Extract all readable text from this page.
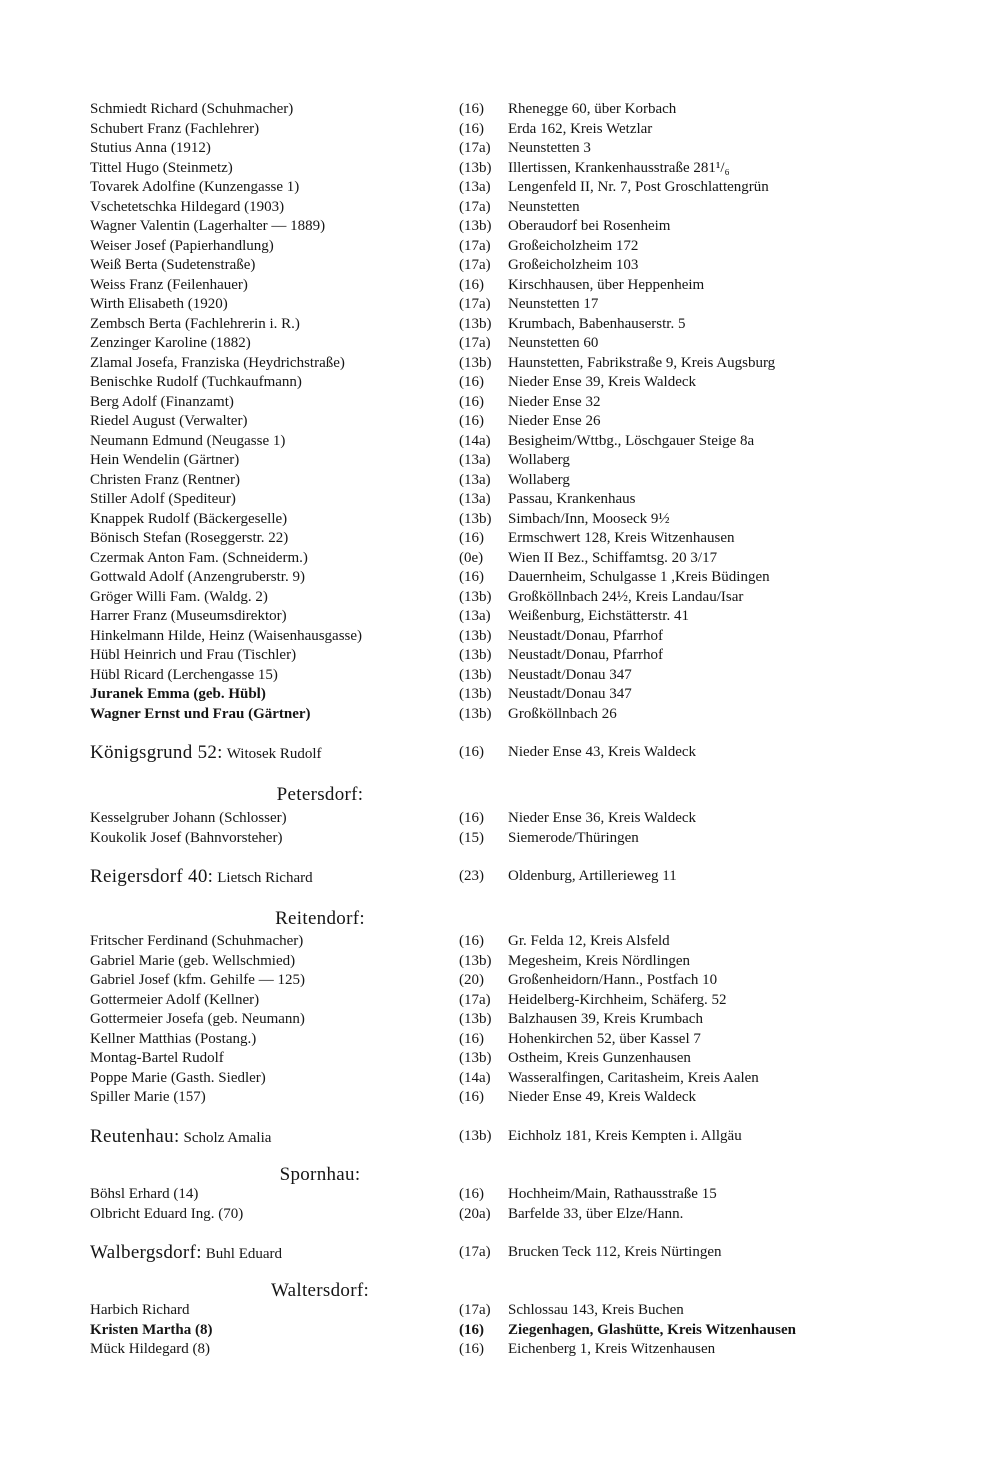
Schmiedt Richard (Schuhmacher)	(16) Rhenegge 60, über Korbach
Schubert Franz (Fachlehrer)	(16) Erda 162, Kreis Wetzlar
Stutius Anna (1912)	(17a) Neunstetten 3
Tittel Hugo (Steinmetz)	(13b) Illertissen, Krankenhausstraße 281¹/₆
Tovarek Adolfine (Kunzengasse 1)	(13a) Lengenfeld II, Nr. 7, Post Groschlattengrün
Vschetetschka Hildegard (1903)	(17a) Neunstetten
Wagner Valentin (Lagerhalter — 1889)	(13b) Oberaudorf bei Rosenheim
Weiser Josef (Papierhandlung)	(17a) Großeicholzheim 172
Weiß Berta (Sudetenstraße)	(17a) Großeicholzheim 103
Weiss Franz (Feilenhauer)	(16) Kirschhausen, über Heppenheim
Wirth Elisabeth (1920)	(17a) Neunstetten 17
Zembsch Berta (Fachlehrerin i. R.)	(13b) Krumbach, Babenhauserstr. 5
Zenzinger Karoline (1882)	(17a) Neunstetten 60
Zlamal Josefa, Franziska (Heydrichstraße)	(13b) Haunstetten, Fabrikstraße 9, Kreis Augsburg
Benischke Rudolf (Tuchkaufmann)	(16) Nieder Ense 39, Kreis Waldeck
Berg Adolf (Finanzamt)	(16) Nieder Ense 32
Riedel August (Verwalter)	(16) Nieder Ense 26
Neumann Edmund (Neugasse 1)	(14a) Besigheim/Wttbg., Löschgauer Steige 8a
Hein Wendelin (Gärtner)	(13a) Wollaberg
Christen Franz (Rentner)	(13a) Wollaberg
Stiller Adolf (Spediteur)	(13a) Passau, Krankenhaus
Knappek Rudolf (Bäckergeselle)	(13b) Simbach/Inn, Mooseck 9½
Bönisch Stefan (Roseggerstr. 22)	(16) Ermschwert 128, Kreis Witzenhausen
Czermak Anton Fam. (Schneiderm.)	(0e) Wien II Bez., Schiffamtsg. 20 3/17
Gottwald Adolf (Anzengruberstr. 9)	(16) Dauernheim, Schulgasse 1 ,Kreis Büdingen
Gröger Willi Fam. (Waldg. 2)	(13b) Großköllnbach 24½, Kreis Landau/Isar
Harrer Franz (Museumsdirektor)	(13a) Weißenburg, Eichstätterstr. 41
Hinkelmann Hilde, Heinz (Waisenhausgasse)	(13b) Neustadt/Donau, Pfarrhof
Hübl Heinrich und Frau (Tischler)	(13b) Neustadt/Donau, Pfarrhof
Hübl Ricard (Lerchengasse 15)	(13b) Neustadt/Donau 347
Juranek Emma (geb. Hübl)	(13b) Neustadt/Donau 347
Wagner Ernst und Frau (Gärtner)	(13b) Großköllnbach 26
Königsgrund 52: Witosek Rudolf	(16) Nieder Ense 43, Kreis Waldeck
Petersdorf:
Kesselgruber Johann (Schlosser)	(16) Nieder Ense 36, Kreis Waldeck
Koukolik Josef (Bahnvorsteher)	(15) Siemerode/Thüringen
Reigersdorf 40: Lietsch Richard	(23) Oldenburg, Artillerieweg 11
Reitendorf:
Fritscher Ferdinand (Schuhmacher)	(16) Gr. Felda 12, Kreis Alsfeld
Gabriel Marie (geb. Wellschmied)	(13b) Megesheim, Kreis Nördlingen
Gabriel Josef (kfm. Gehilfe — 125)	(20) Großenheidorn/Hann., Postfach 10
Gottermeier Adolf (Kellner)	(17a) Heidelberg-Kirchheim, Schäferg. 52
Gottermeier Josefa (geb. Neumann)	(13b) Balzhausen 39, Kreis Krumbach
Kellner Matthias (Postang.)	(16) Hohenkirchen 52, über Kassel 7
Montag-Bartel Rudolf	(13b) Ostheim, Kreis Gunzenhausen
Poppe Marie (Gasth. Siedler)	(14a) Wasseralfingen, Caritasheim, Kreis Aalen
Spiller Marie (157)	(16) Nieder Ense 49, Kreis Waldeck
Reutenhau: Scholz Amalia	(13b) Eichholz 181, Kreis Kempten i. Allgäu
Spornhau:
Böhsl Erhard (14)	(16) Hochheim/Main, Rathausstraße 15
Olbricht Eduard Ing. (70)	(20a) Barfelde 33, über Elze/Hann.
Walbergsdorf: Buhl Eduard	(17a) Brucken Teck 112, Kreis Nürtingen
Waltersdorf:
Harbich Richard	(17a) Schlossau 143, Kreis Buchen
Kristen Martha (8)	(16) Ziegenhagen, Glashütte, Kreis Witzenhausen
Mück Hildegard (8)	(16) Eichenberg 1, Kreis Witzenhausen
